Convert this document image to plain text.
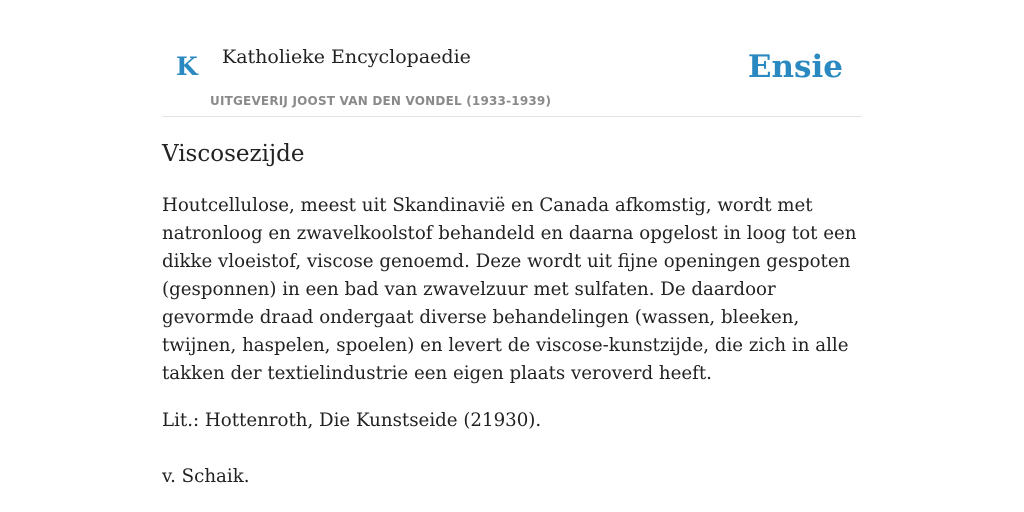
K Katholieke Encyclopaedie
UITGEVERIJ JOOST VAN DEN VONDEL (1933-1939)
Ensie
Viscosezijde

Houtcellulose, meest uit Skandinavië en Canada afkomstig, wordt met natronloog en zwavelkoolstof behandeld en daarna opgelost in loog tot een dikke vloeistof, viscose genoemd. Deze wordt uit fijne openingen gespoten (gesponnen) in een bad van zwavelzuur met sulfaten. De daardoor gevormde draad ondergaat diverse behandelingen (wassen, bleeken, twijnen, haspelen, spoelen) en levert de viscose-kunstzijde, die zich in alle takken der textielindustrie een eigen plaats veroverd heeft.

Lit.: Hottenroth, Die Kunstseide (21930).

v. Schaik.
